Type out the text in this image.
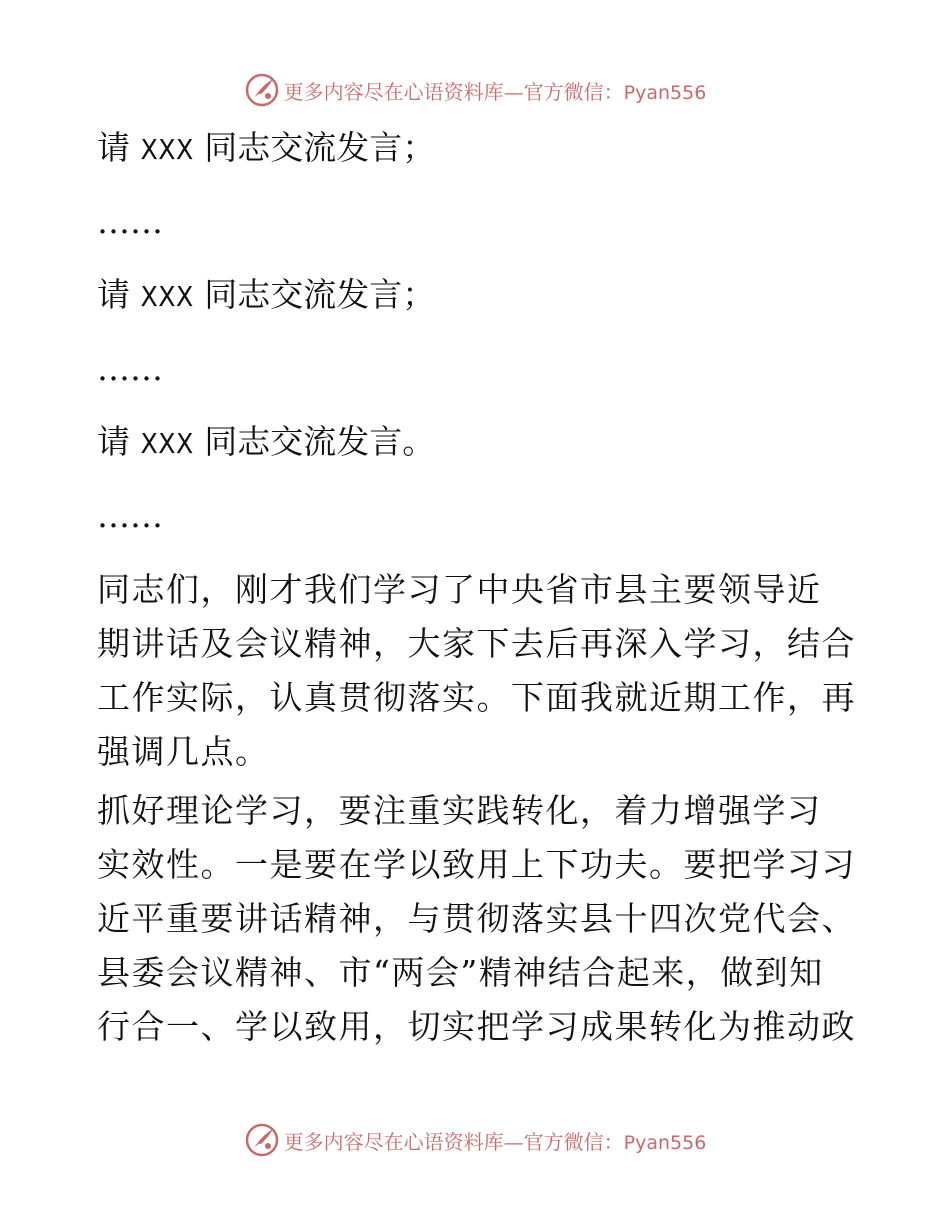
更多内容尽在心语资料库—官方微信：Pyan556
请 XXX 同志交流发言；
……
请 XXX 同志交流发言；
……
请 XXX 同志交流发言。
……
同志们，刚才我们学习了中央省市县主要领导近
期讲话及会议精神，大家下去后再深入学习，结合
工作实际，认真贯彻落实。下面我就近期工作，再
强调几点。
抓好理论学习，要注重实践转化，着力增强学习
实效性。一是要在学以致用上下功夫。要把学习习
近平重要讲话精神，与贯彻落实县十四次党代会、
县委会议精神、市“两会”精神结合起来，做到知
行合一、学以致用，切实把学习成果转化为推动政
更多内容尽在心语资料库—官方微信：Pyan556
